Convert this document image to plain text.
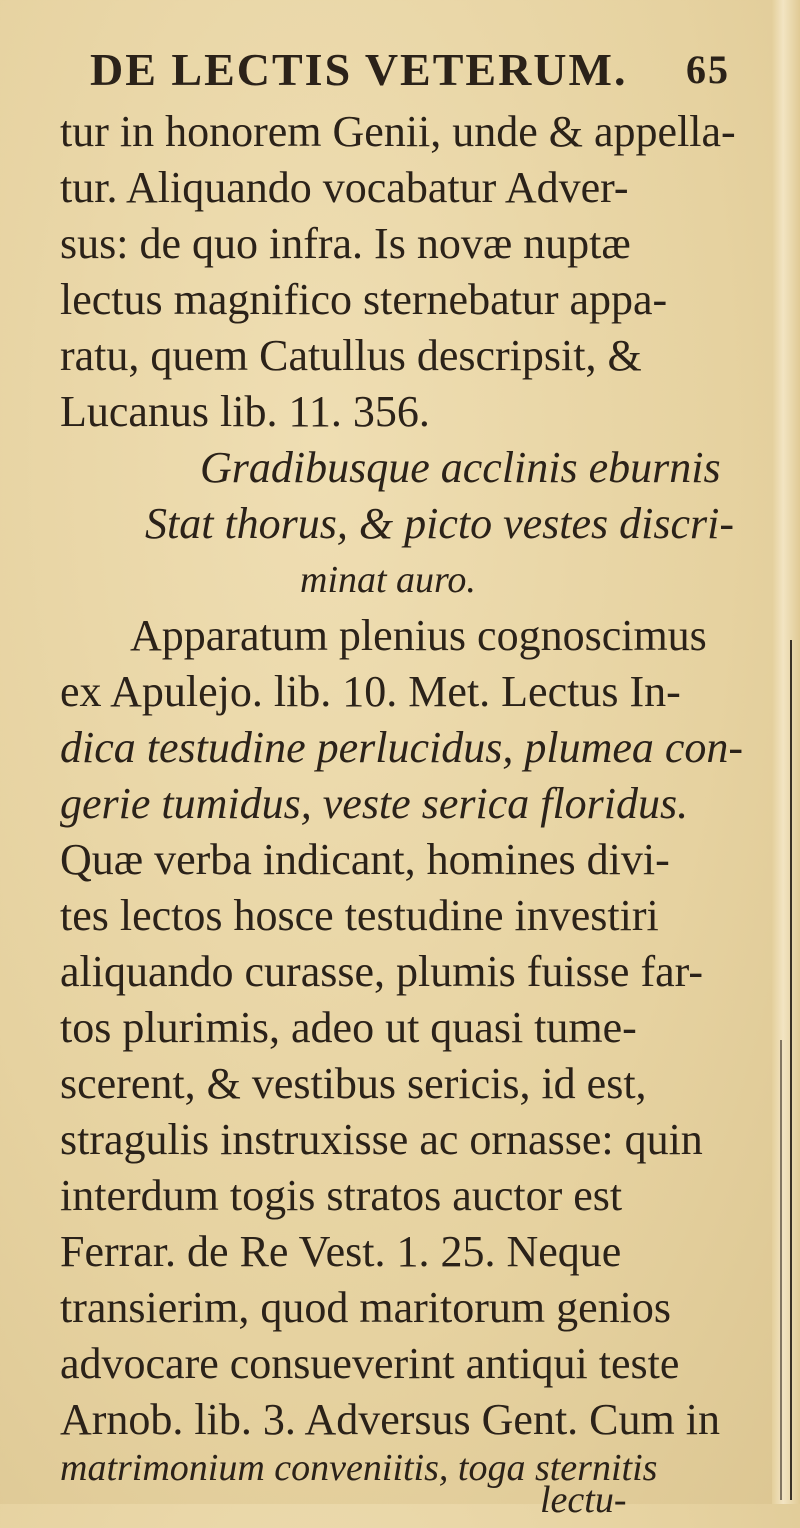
DE LECTIS VETERUM. 65
tur in honorem Genii, unde & appella-
tur. Aliquando vocabatur Adver-
sus: de quo infra. Is novæ nuptæ
lectus magnifico sternebatur appa-
ratu, quem Catullus descripsit, &
Lucanus lib. 11. 356.
Gradibusque acclinis eburnis
Stat thorus, & picto vestes discri-
minat auro.
Apparatum plenius cognoscimus
ex Apulejo. lib. 10. Met. Lectus In-
dica testudine perlucidus, plumea con-
gerie tumidus, veste serica floridus.
Quæ verba indicant, homines divi-
tes lectos hosce testudine investiri
aliquando curasse, plumis fuisse far-
tos plurimis, adeo ut quasi tume-
scerent, & vestibus sericis, id est,
stragulis instruxisse ac ornasse: quin
interdum togis stratos auctor est
Ferrar. de Re Vest. 1. 25. Neque
transierim, quod maritorum genios
advocare consueverint antiqui teste
Arnob. lib. 3. Adversus Gent. Cum in
matrimonium conveniitis, toga sternitis
lectu-
